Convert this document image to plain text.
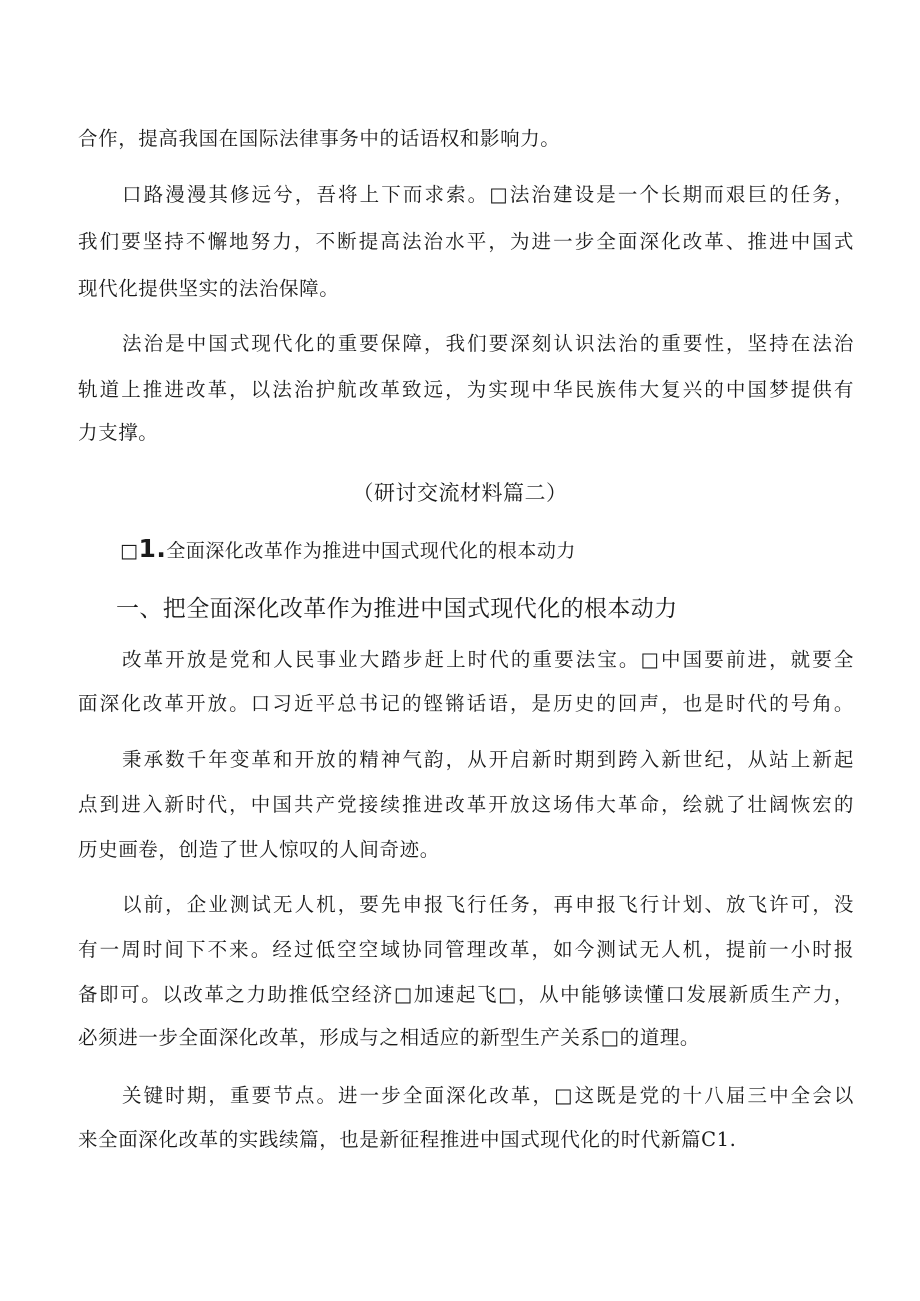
合作，提高我国在国际法律事务中的话语权和影响力。
口路漫漫其修远兮，吾将上下而求索。□法治建设是一个长期而艰巨的任务，
我们要坚持不懈地努力，不断提高法治水平，为进一步全面深化改革、推进中国式
现代化提供坚实的法治保障。
法治是中国式现代化的重要保障，我们要深刻认识法治的重要性，坚持在法治
轨道上推进改革，以法治护航改革致远，为实现中华民族伟大复兴的中国梦提供有
力支撑。
（研讨交流材料篇二）
□1.全面深化改革作为推进中国式现代化的根本动力
一、把全面深化改革作为推进中国式现代化的根本动力
改革开放是党和人民事业大踏步赶上时代的重要法宝。□中国要前进，就要全
面深化改革开放。口习近平总书记的铿锵话语，是历史的回声，也是时代的号角。
秉承数千年变革和开放的精神气韵，从开启新时期到跨入新世纪，从站上新起
点到进入新时代，中国共产党接续推进改革开放这场伟大革命，绘就了壮阔恢宏的
历史画卷，创造了世人惊叹的人间奇迹。
以前，企业测试无人机，要先申报飞行任务，再申报飞行计划、放飞许可，没
有一周时间下不来。经过低空空域协同管理改革，如今测试无人机，提前一小时报
备即可。以改革之力助推低空经济□加速起飞□，从中能够读懂口发展新质生产力，
必须进一步全面深化改革，形成与之相适应的新型生产关系□的道理。
关键时期，重要节点。进一步全面深化改革，□这既是党的十八届三中全会以
来全面深化改革的实践续篇，也是新征程推进中国式现代化的时代新篇C1.
